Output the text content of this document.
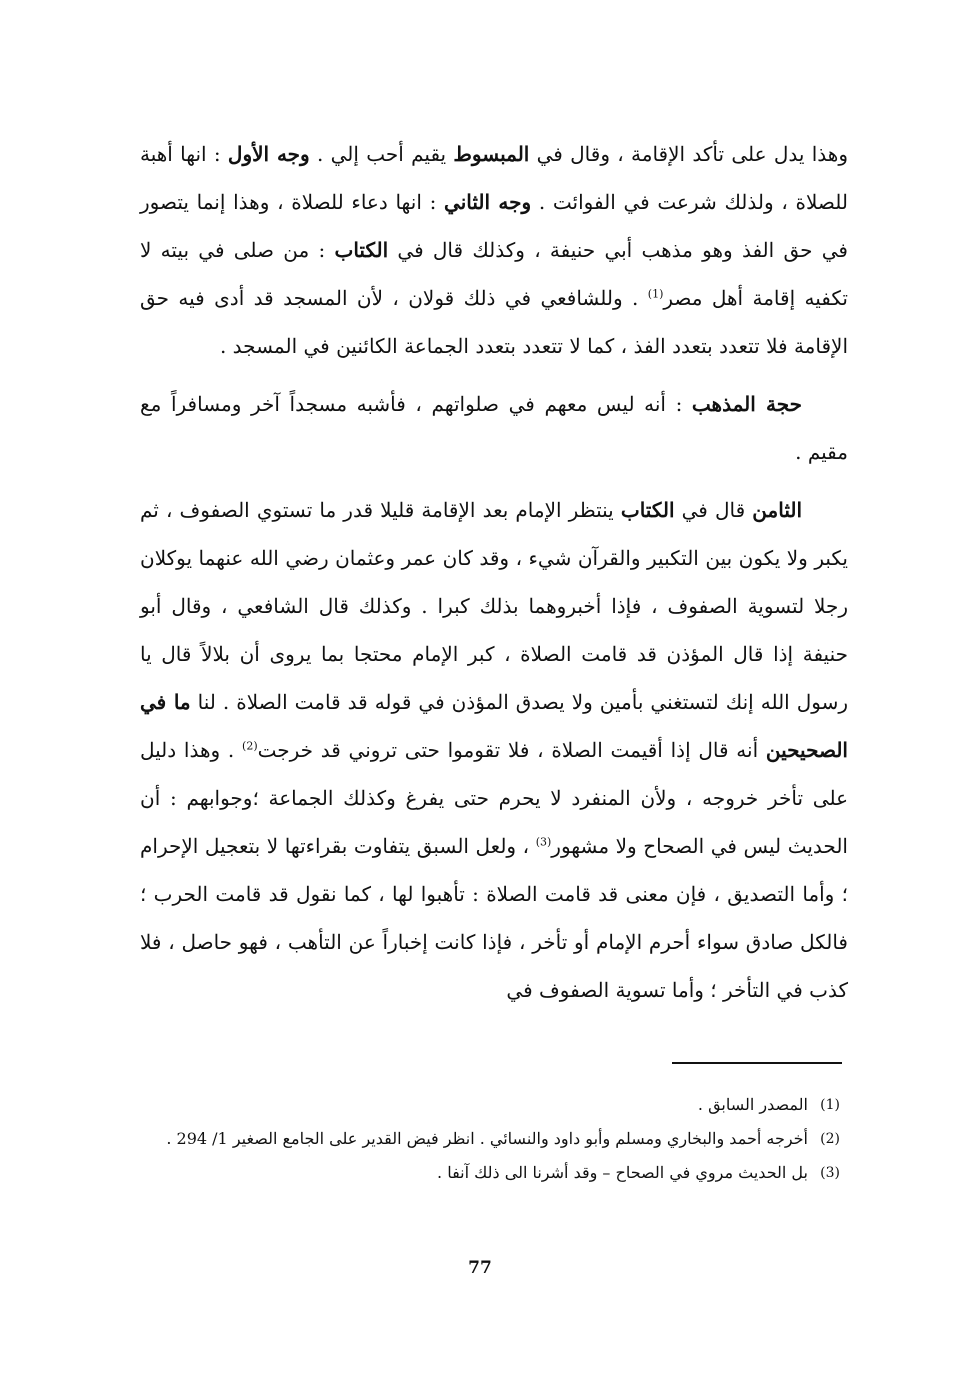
وهذا يدل على تأكد الإقامة ، وقال في المبسوط يقيم أحب إلي . وجه الأول : انها أهبة للصلاة ، ولذلك شرعت في الفوائت . وجه الثاني : انها دعاء للصلاة ، وهذا إنما يتصور في حق الفذ وهو مذهب أبي حنيفة ، وكذلك قال في الكتاب : من صلى في بيته لا تكفيه إقامة أهل مصر$^{(1)}$ . وللشافعي في ذلك قولان ، لأن المسجد قد أدى فيه حق الإقامة فلا تتعدد بتعدد الفذ ، كما لا تتعدد بتعدد الجماعة الكائنين في المسجد .

حجة المذهب : أنه ليس معهم في صلواتهم ، فأشبه مسجداً آخر ومسافراً مع مقيم .

الثامن قال في الكتاب ينتظر الإمام بعد الإقامة قليلا قدر ما تستوي الصفوف ، ثم يكبر ولا يكون بين التكبير والقرآن شيء ، وقد كان عمر وعثمان رضي الله عنهما يوكلان رجلا لتسوية الصفوف ، فإذا أخبروهما بذلك كبرا . وكذلك قال الشافعي ، وقال أبو حنيفة إذا قال المؤذن قد قامت الصلاة ، كبر الإمام محتجا بما يروى أن بلالاً قال يا رسول الله إنك لتستغني بأمين ولا يصدق المؤذن في قوله قد قامت الصلاة . لنا ما في الصحيحين أنه قال إذا أقيمت الصلاة ، فلا تقوموا حتى تروني قد خرجت$^{(2)}$ . وهذا دليل على تأخر خروجه ، ولأن المنفرد لا يحرم حتى يفرغ وكذلك الجماعة ؛وجوابهم : أن الحديث ليس في الصحاح ولا مشهور$^{(3)}$ ، ولعل السبق يتفاوت بقراءتها لا بتعجيل الإحرام ؛ وأما التصديق ، فإن معنى قد قامت الصلاة : تأهبوا لها ، كما نقول قد قامت الحرب ؛ فالكل صادق سواء أحرم الإمام أو تأخر ، فإذا كانت إخباراً عن التأهب ، فهو حاصل ، فلا كذب في التأخر ؛ وأما تسوية الصفوف في

(1)
المصدر السابق .
(2)
أخرجه أحمد والبخاري ومسلم وأبو داود والنسائي . انظر فيض القدير على الجامع الصغير 1/ 294 .
(3)
بل الحديث مروي في الصحاح – وقد أشرنا الى ذلك آنفا .
77
